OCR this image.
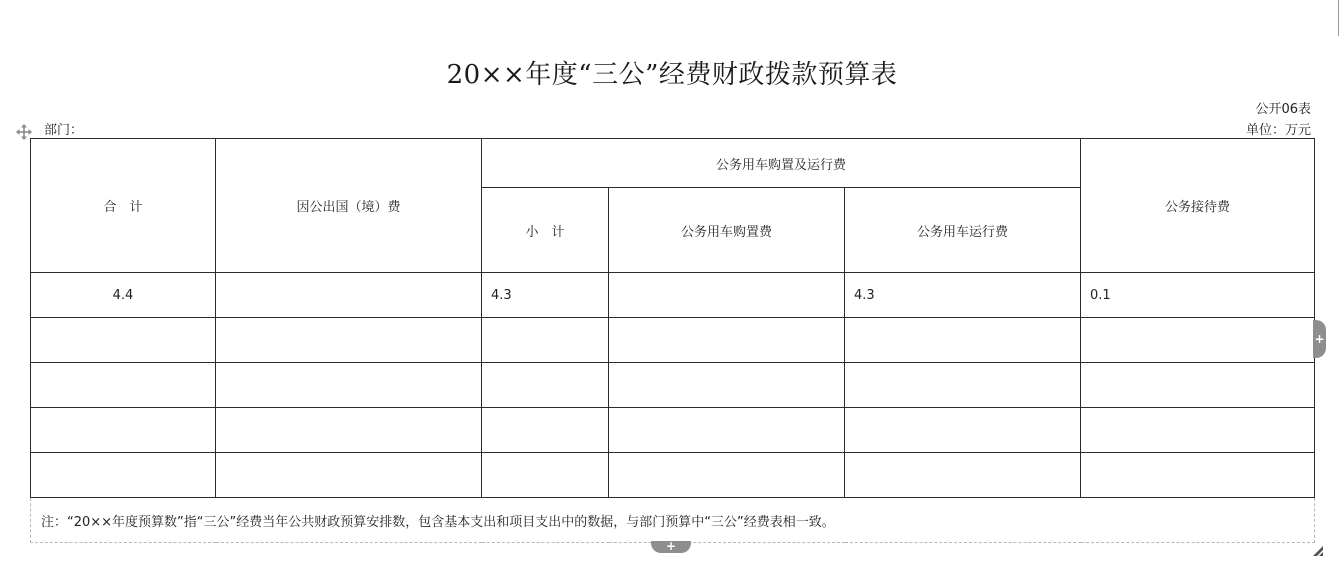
20××年度“三公”经费财政拨款预算表
公开06表
部门：	单位：万元
合　计	因公出国（境）费	公务用车购置及运行费			公务接待费
		小　计	公务用车购置费	公务用车运行费	
4.4		4.3		4.3	0.1

注：“20××年度预算数”指“三公”经费当年公共财政预算安排数，包含基本支出和项目支出中的数据，与部门预算中“三公”经费表相一致。					
+
+
